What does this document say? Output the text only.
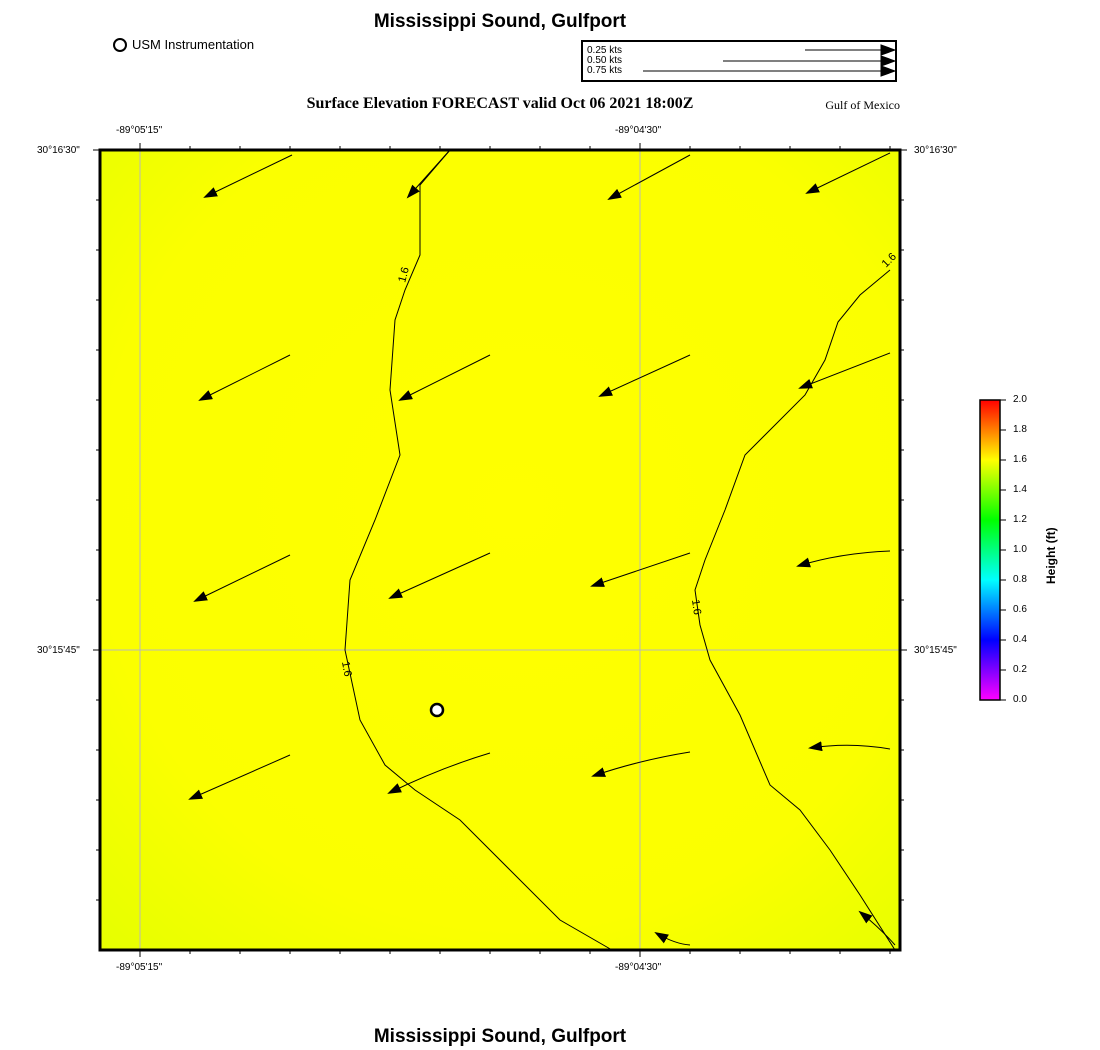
Mississippi Sound, Gulfport
Surface Elevation FORECAST valid Oct 06 2021 18:00Z	Gulf of Mexico
Mississippi Sound, Gulfport
USM Instrumentation	0.25 kts
0.50 kts
0.75 kts
-89°05'15"	-89°04'30"
-89°05'15"	-89°04'30"
30°16'30"
30°15'45"
30°16'30"
30°15'45"
1.6
1.6
1.6
1.6
2.0
1.8
1.6
1.4
1.2
1.0
0.8
0.6
0.4
0.2
0.0
Height (ft)
